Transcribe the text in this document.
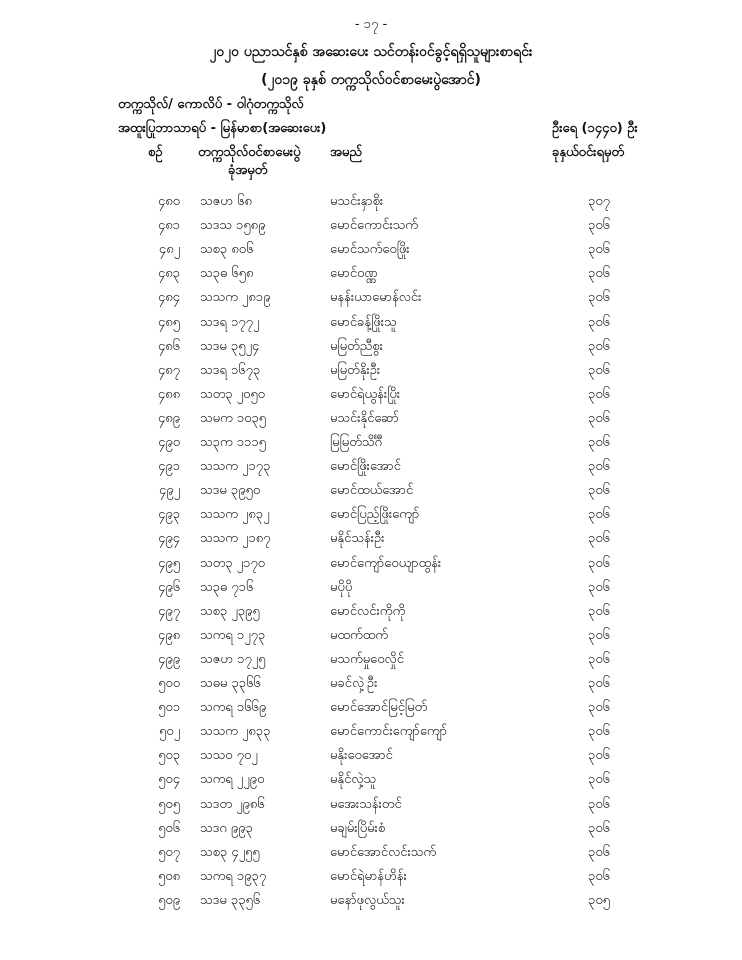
- ၁၇ -
၂၀၂၀ ပညာသင်နှစ် အဆေးပေး သင်တန်းဝင်ခွင့်ရရှိသူများစာရင်း
(၂၀၁၉ ခုနှစ် တက္ကသိုလ်ဝင်စာမေးပွဲအောင်)
တက္ကသိုလ်/ ကောလိပ် - ဝါဂုံတက္ကသိုလ်
အထူးပြုဘာသာရပ် - မြန်မာစာ(အဆေးပေး)	ဦးရေ (၁၄၄၀) ဦး
စဉ်	တက္ကသိုလ်ဝင်စာမေးပွဲ
ခုံအမှတ်
အမည်	ခုနှယ်ဝင်းရမှတ်
၄၈၀ သဇဟ ၆၈	မသင်းနှာစိုး	၃၀၇
၄၈၁ သဒသ ၁၅၈၉	မောင်ကောင်းသက်	၃၀၆
၄၈၂ သစ၃ ၈၀၆	မောင်သက်ဝေဖြိုး	၃၀၆
၄၈၃ သ၃ဓ ၆၅၈	မောင်ဝဏ္ဏ	၃၀၆
၄၈၄ သသက ၂၈၁၉	မနန်းယာမောန်လင်း	၃၀၆
၄၈၅ သဒရ ၁၇၇၂	မောင်ခန့်ဖြိုးသူ	၃၀၆
၄၈၆ သဒမ ၃၅၂၄	မမြတ်ညီစွး	၃၀၆
၄၈၇ သဒရ ၁၆၇၃	မမြတ်နိုးဦး	၃၀၆
၄၈၈ သတ၃ ၂၀၅၀	မောင်ရဲယွန်းပြိုး	၃၀၆
၄၈၉ သမက ၁၀၃၅	မသင်းနိုင်ဆော်	၃၀၆
၄၉၀ သ၃က ၁၁၁၅	မြမြတ်သိင်္ဂီ	၃၀၆
၄၉၁ သသက ၂၁၇၃	မောင်ဖြိုးအောင်	၃၀၆
၄၉၂ သဒမ ၃၉၅၀	မောင်ထယ်အောင်	၃၀၆
၄၉၃ သသက ၂၈၃၂	မောင်ပြည့်ဖြိုးကျော်	၃၀၆
၄၉၄ သသက ၂၁၈၇	မနိုင်သန်းဦး	၃၀၆
၄၉၅ သတ၃ ၂၁၇၀	မောင်ကျော်ဝေယျာထွန်း	၃၀၆
၄၉၆ သ၃ဓ ၇၁၆	မပိုပို	၃၀၆
၄၉၇ သစ၃ ၂၃၉၅	မောင်လင်းကိုကို	၃၀၆
၄၉၈ သကရ ၁၂၇၃	မထက်ထက်	၃၀၆
၄၉၉ သဇဟ ၁၇၂၅	မသက်မှုဝေလှိုင်	၃၀၆
၅၀၀ သဓမ ၃၃၆၆	မခင်လှဲ့ဦး	၃၀၆
၅၀၁ သကရ ၁၆၆၉	မောင်အောင်မြင့်မြတ်	၃၀၆
၅၀၂ သသက ၂၈၃၃	မောင်ကောင်းကျော်ကျော်	၃၀၆
၅၀၃ သသဝ ၇၀၂	မနိုးဝေအောင်	၃၀၆
၅၀၄ သကရ ၂၂၉၀	မနိုင်လှဲ့သူ	၃၀၆
၅၀၅ သဒတ ၂၉၈၆	မအေးသန်းတင်	၃၀၆
၅၀၆ သဒဂ ၉၉၃	မချမ်းပြိမ်းစံ	၃၀၆
၅၀၇ သစ၃ ၄၂၅၅	မောင်အောင်လင်းသက်	၃၀၆
၅၀၈ သကရ ၁၉၃၇	မောင်ရဲမာန်ဟိန်း	၃၀၆
၅၀၉ သဒမ ၃၃၅၆	မနော်ဖုလွယ်သူး	၃၀၅
